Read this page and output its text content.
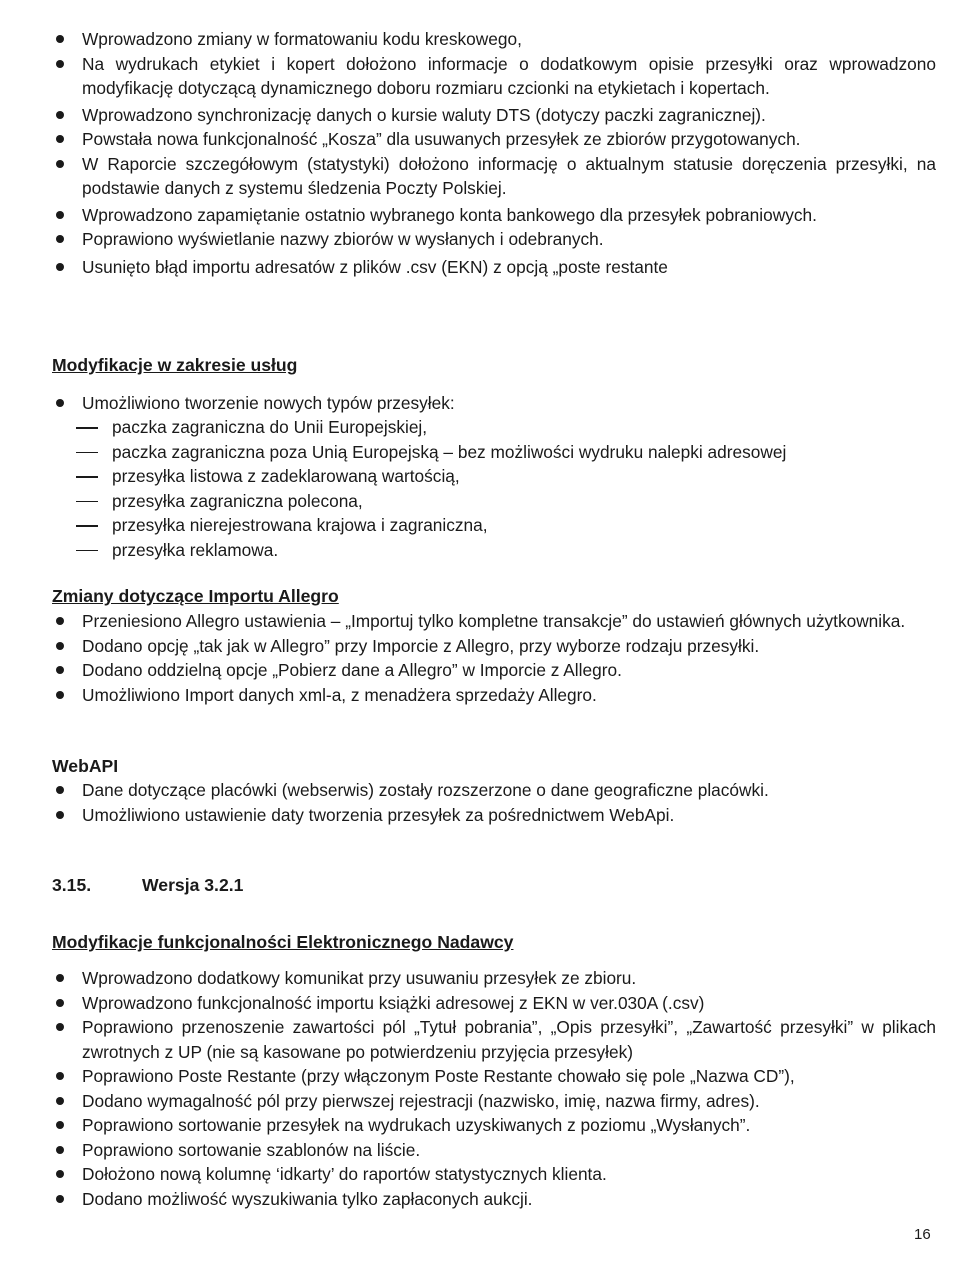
Wprowadzono zmiany w formatowaniu kodu kreskowego,
Na wydrukach etykiet i kopert dołożono informacje o dodatkowym opisie przesyłki oraz wprowadzono modyfikację dotyczącą dynamicznego doboru rozmiaru czcionki na etykietach i kopertach.
Wprowadzono synchronizację danych o kursie waluty DTS (dotyczy paczki zagranicznej).
Powstała nowa funkcjonalność „Kosza” dla usuwanych przesyłek ze zbiorów przygotowanych.
W Raporcie szczegółowym (statystyki) dołożono informację o aktualnym statusie doręczenia przesyłki, na podstawie danych z systemu śledzenia Poczty Polskiej.
Wprowadzono zapamiętanie ostatnio wybranego konta bankowego dla przesyłek pobraniowych.
Poprawiono wyświetlanie nazwy zbiorów w wysłanych i odebranych.
Usunięto błąd importu adresatów z plików .csv (EKN) z opcją „poste restante
Modyfikacje w zakresie usług
Umożliwiono tworzenie nowych typów przesyłek:
paczka zagraniczna do Unii Europejskiej,
paczka zagraniczna poza Unią Europejską – bez możliwości wydruku nalepki adresowej
przesyłka listowa z zadeklarowaną wartością,
przesyłka zagraniczna polecona,
przesyłka nierejestrowana krajowa i zagraniczna,
przesyłka reklamowa.
Zmiany dotyczące Importu Allegro
Przeniesiono Allegro ustawienia – „Importuj tylko kompletne transakcje” do ustawień głównych użytkownika.
Dodano opcję „tak jak w Allegro” przy Imporcie z Allegro, przy wyborze rodzaju przesyłki.
Dodano oddzielną opcje „Pobierz dane a Allegro” w Imporcie z Allegro.
Umożliwiono Import danych xml-a, z menadżera sprzedaży Allegro.
WebAPI
Dane dotyczące placówki (webserwis) zostały rozszerzone o dane geograficzne placówki.
Umożliwiono ustawienie daty tworzenia przesyłek za pośrednictwem WebApi.
3.15.	Wersja 3.2.1
Modyfikacje funkcjonalności Elektronicznego Nadawcy
Wprowadzono dodatkowy komunikat przy usuwaniu przesyłek ze zbioru.
Wprowadzono funkcjonalność importu książki adresowej z EKN w ver.030A (.csv)
Poprawiono przenoszenie zawartości pól „Tytuł pobrania”, „Opis przesyłki”, „Zawartość przesyłki” w plikach zwrotnych z UP (nie są kasowane po potwierdzeniu przyjęcia przesyłek)
Poprawiono Poste Restante (przy włączonym Poste Restante chowało się pole „Nazwa CD”),
Dodano wymagalność pól przy pierwszej rejestracji (nazwisko, imię, nazwa firmy, adres).
Poprawiono sortowanie przesyłek na wydrukach uzyskiwanych z poziomu „Wysłanych”.
Poprawiono sortowanie szablonów na liście.
Dołożono nową kolumnę ‘idkarty’ do raportów statystycznych klienta.
Dodano możliwość wyszukiwania tylko zapłaconych aukcji.
16
